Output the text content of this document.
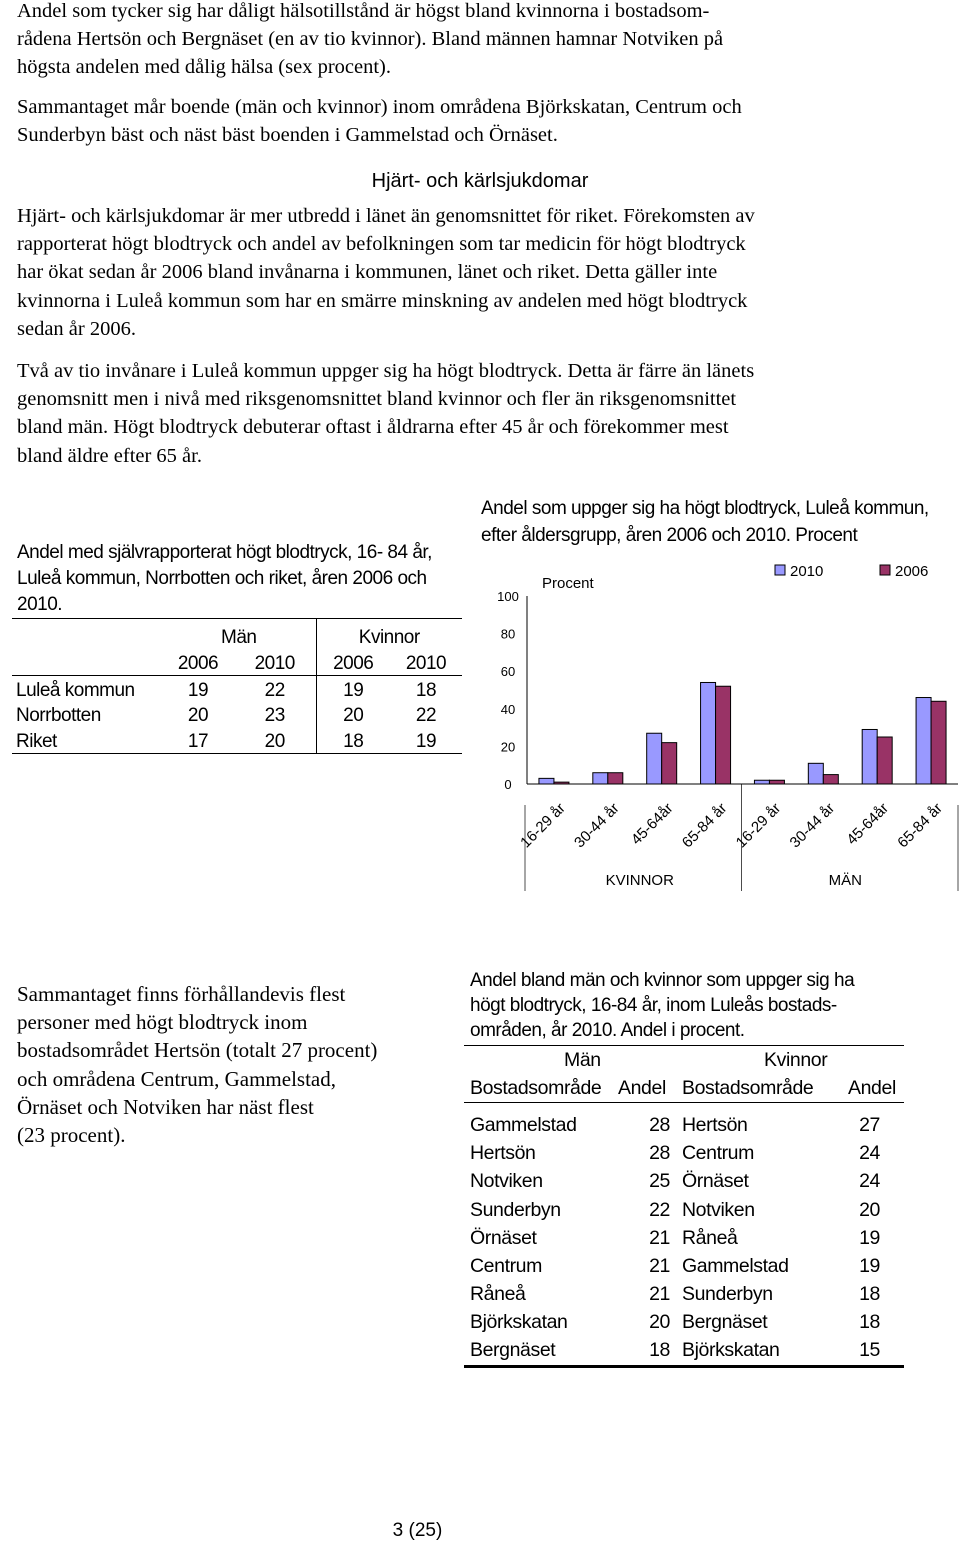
Andel som tycker sig har dåligt hälsotillstånd är högst bland kvinnorna i bostadsom-
rådena Hertsön och Bergnäset (en av tio kvinnor). Bland männen hamnar Notviken på
högsta andelen med dålig hälsa (sex procent).
Sammantaget mår boende (män och kvinnor) inom områdena Björkskatan, Centrum och
Sunderbyn bäst och näst bäst boenden i Gammelstad och Örnäset.
Hjärt- och kärlsjukdomar
Hjärt- och kärlsjukdomar är mer utbredd i länet än genomsnittet för riket. Förekomsten av
rapporterat högt blodtryck och andel av befolkningen som tar medicin för högt blodtryck
har ökat sedan år 2006 bland invånarna i kommunen, länet och riket. Detta gäller inte
kvinnorna i Luleå kommun som har en smärre minskning av andelen med högt blodtryck
sedan år 2006.
Två av tio invånare i Luleå kommun uppger sig ha högt blodtryck. Detta är färre än länets
genomsnitt men i nivå med riksgenomsnittet bland kvinnor och fler än riksgenomsnittet
bland män. Högt blodtryck debuterar oftast i åldrarna efter 45 år och förekommer mest
bland äldre efter 65 år.
Andel med självrapporterat högt blodtryck, 16- 84 år,
Luleå kommun, Norrbotten och riket, åren 2006 och
2010.
	Män		Kvinnor	
	2006	2010	2006	2010
Luleå kommun	19	22	19	18
Norrbotten	20	23	20	22
Riket	17	20	18	19
Andel som uppger sig ha högt blodtryck, Luleå kommun,
efter åldersgrupp, åren 2006 och 2010. Procent
0
20
40
60
80
100
Procent
16-29 år 30-44 år 45-64år 65-84 år 16-29 år 30-44 år 45-64år 65-84 år
KVINNOR	MÄN
2010	2006
Sammantaget finns förhållandevis flest
personer med högt blodtryck inom
bostadsområdet Hertsön (totalt 27 procent)
och områdena Centrum, Gammelstad,
Örnäset och Notviken har näst flest
(23 procent).
Andel bland män och kvinnor som uppger sig ha
högt blodtryck, 16-84 år, inom Luleås bostads-
områden, år 2010. Andel i procent.
Män		Kvinnor	
Bostadsområde	Andel	Bostadsområde	Andel

Gammelstad	28	Hertsön	27
Hertsön	28	Centrum	24
Notviken	25	Örnäset	24
Sunderbyn	22	Notviken	20
Örnäset	21	Råneå	19
Centrum	21	Gammelstad	19
Råneå	21	Sunderbyn	18
Björkskatan	20	Bergnäset	18
Bergnäset	18	Björkskatan	15
3 (25)
